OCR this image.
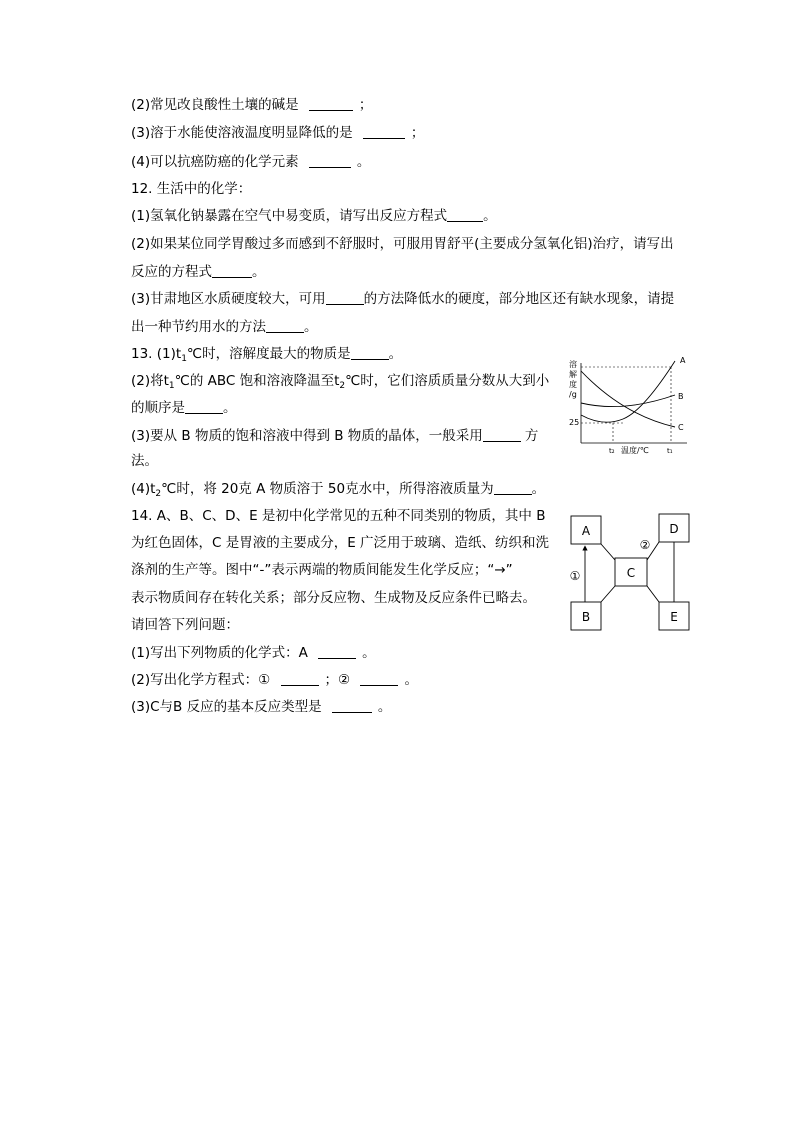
(2)常见改良酸性土壤的碱是	；
(3)溶于水能使溶液温度明显降低的是	；
(4)可以抗癌防癌的化学元素	。
12. 生活中的化学：
(1)氢氧化钠暴露在空气中易变质，请写出反应方程式	。
(2)如果某位同学胃酸过多而感到不舒服时，可服用胃舒平(主要成分氢氧化铝)治疗，请写出
反应的方程式	。
(3)甘肃地区水质硬度较大，可用	的方法降低水的硬度，部分地区还有缺水现象，请提
出一种节约用水的方法	。
13. $(1)t_1℃$时，溶解度最大的物质是	。
(2)将$t_1℃$的 ABC 饱和溶液降温至$t_2℃$时，它们溶质质量分数从大到小
的顺序是	。
(3)要从 B 物质的饱和溶液中得到 B 物质的晶体，一般采用	方
法。
$(4)t_2℃$时，将 20克 A 物质溶于 50克水中，所得溶液质量为	。
溶
解
度
/g
A
B
C
25
t₂ 温度/℃	t₁
14. A、B、C、D、E 是初中化学常见的五种不同类别的物质，其中 B
为红色固体，C 是胃液的主要成分，E 广泛用于玻璃、造纸、纺织和洗
涤剂的生产等。图中“-”表示两端的物质间能发生化学反应；“→”
表示物质间存在转化关系；部分反应物、生成物及反应条件已略去。
请回答下列问题：
(1)写出下列物质的化学式：A	。
(2)写出化学方程式：①	；②	。
(3)C与B 反应的基本反应类型是	。
A	D
C
B	E
①
②
